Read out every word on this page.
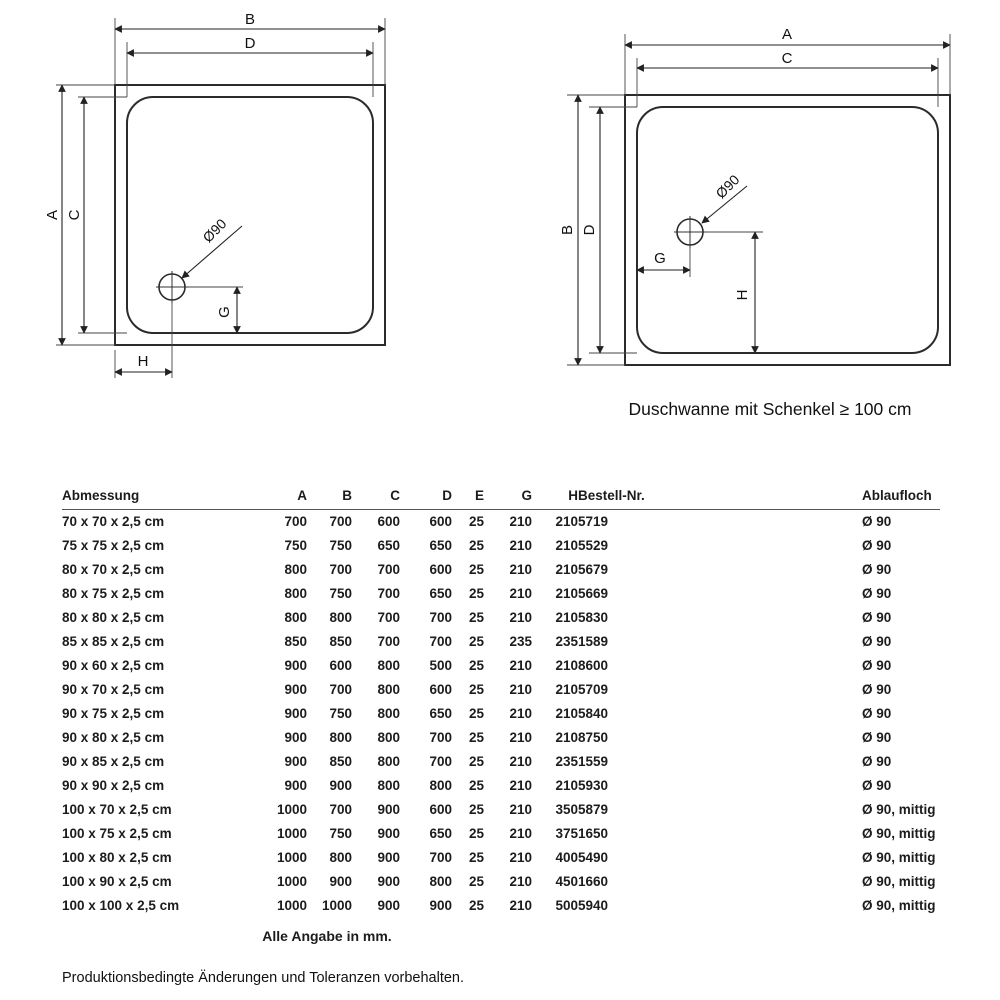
B
D
A C
Ø90
G
H
A
C
B D
Ø90
G
H
Duschwanne mit Schenkel ≥ 100 cm
Abmessung	A	B	C	D	E	G	H	Bestell-Nr.	Ablaufloch
70 x 70 x 2,5 cm	700	700	600	600	25	210	210	5719	Ø 90
75 x 75 x 2,5 cm	750	750	650	650	25	210	210	5529	Ø 90
80 x 70 x 2,5 cm	800	700	700	600	25	210	210	5679	Ø 90
80 x 75 x 2,5 cm	800	750	700	650	25	210	210	5669	Ø 90
80 x 80 x 2,5 cm	800	800	700	700	25	210	210	5830	Ø 90
85 x 85 x 2,5 cm	850	850	700	700	25	235	235	1589	Ø 90
90 x 60 x 2,5 cm	900	600	800	500	25	210	210	8600	Ø 90
90 x 70 x 2,5 cm	900	700	800	600	25	210	210	5709	Ø 90
90 x 75 x 2,5 cm	900	750	800	650	25	210	210	5840	Ø 90
90 x 80 x 2,5 cm	900	800	800	700	25	210	210	8750	Ø 90
90 x 85 x 2,5 cm	900	850	800	700	25	210	235	1559	Ø 90
90 x 90 x 2,5 cm	900	900	800	800	25	210	210	5930	Ø 90
100 x 70 x 2,5 cm	1000	700	900	600	25	210	350	5879	Ø 90, mittig
100 x 75 x 2,5 cm	1000	750	900	650	25	210	375	1650	Ø 90, mittig
100 x 80 x 2,5 cm	1000	800	900	700	25	210	400	5490	Ø 90, mittig
100 x 90 x 2,5 cm	1000	900	900	800	25	210	450	1660	Ø 90, mittig
100 x 100 x 2,5 cm	1000	1000	900	900	25	210	500	5940	Ø 90, mittig
Alle Angabe in mm.
Produktionsbedingte Änderungen und Toleranzen vorbehalten.
